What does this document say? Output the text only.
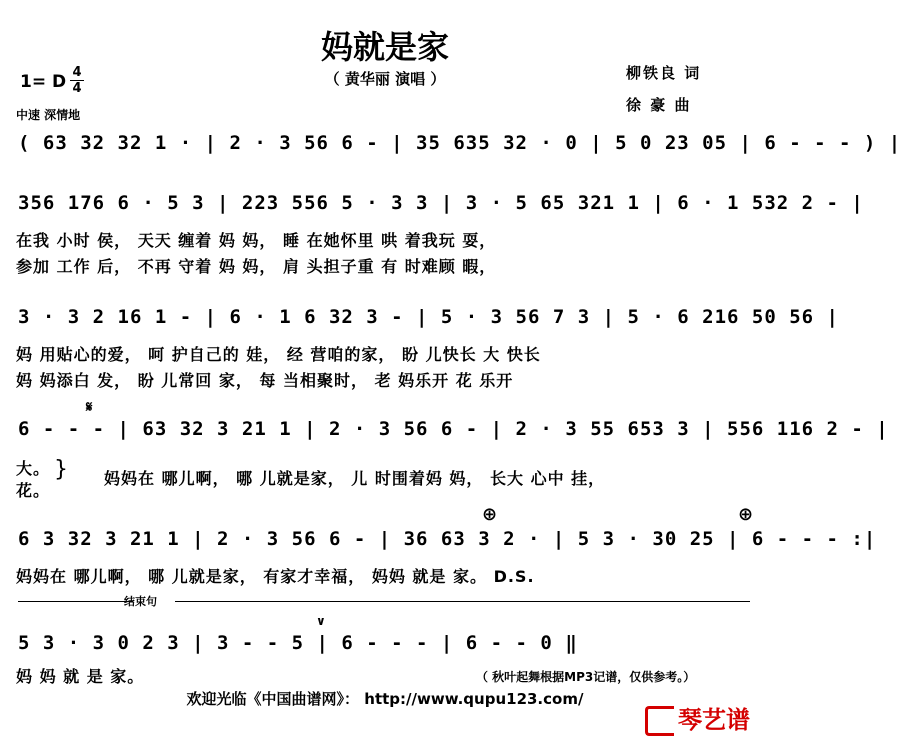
妈就是家
（ 黄华丽 演唱 ）	柳铁良 词
徐 豪 曲
1= D 4
4
中速 深情地
( 63 32 32 1 · | 2 · 3 56 6 - | 35 635 32 · 0 | 5 0 23 05 | 6 - - - ) |
356 176 6 · 5 3 | 223 556 5 · 3 3 | 3 · 5 65 321 1 | 6 · 1 532 2 - |
在我 小时 侯， 天天 缠着 妈 妈， 睡 在她怀里 哄 着我玩 耍，
参加 工作 后， 不再 守着 妈 妈， 肩 头担子重 有 时难顾 暇，
3 · 3 2 16 1 - | 6 · 1 6 32 3 - | 5 · 3 56 7 3 | 5 · 6 216 50 56 |
妈 用贴心的爱， 呵 护自己的 娃， 经 营咱的家， 盼 儿快长 大 快长
妈 妈添白 发， 盼 儿常回 家， 每 当相聚时， 老 妈乐开 花 乐开
𝄋
6 - - - | 63 32 3 21 1 | 2 · 3 56 6 - | 2 · 3 55 653 3 | 556 116 2 - |
大。
花。
} 妈妈在 哪儿啊， 哪 儿就是家， 儿 时围着妈 妈， 长大 心中 挂，
⊕	⊕
6 3 32 3 21 1 | 2 · 3 56 6 - | 36 63 3 2 · | 5 3 · 30 25 | 6 - - - :|
妈妈在 哪儿啊， 哪 儿就是家， 有家才幸福， 妈妈 就是 家。 D.S.
结束句
∨
5 3 · 3 0 2 3 | 3 - - 5 | 6 - - - | 6 - - 0 ‖
妈 妈 就 是 家。	（ 秋叶起舞根据MP3记谱，仅供参考。）
欢迎光临《中国曲谱网》： http://www.qupu123.com/
琴艺谱
